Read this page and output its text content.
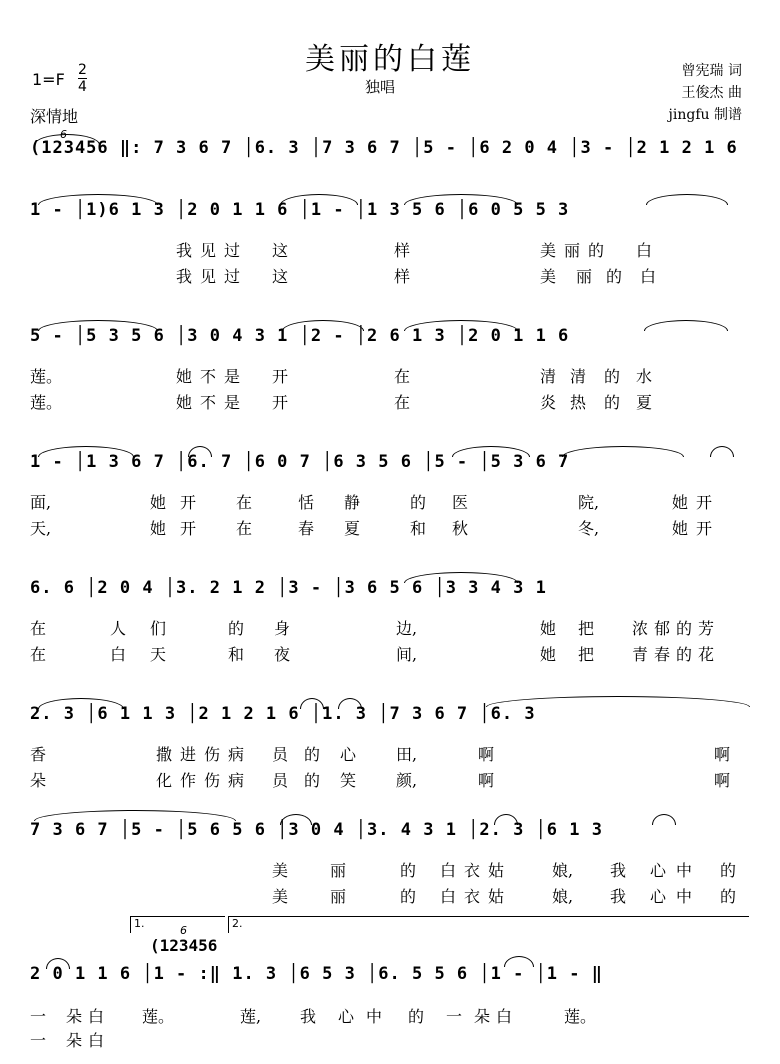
美丽的白莲
独唱
1=F 2
4
深情地
曾宪瑞 词
王俊杰 曲
jingfu 制谱
6
(123456 ‖: 7 3 6 7 │6. 3 │7 3 6 7 │5 - │6 2 0 4 │3 - │2 1 2 1 6
1 - │1)6 1 3 │2 0 1 1 6 │1 - │1 3 5 6 │6 0 5 5 3
我 见 过 这	样	美 丽 的 白
我 见 过 这	样	美 丽 的 白
5 - │5 3 5 6 │3 0 4 3 1 │2 - │2 6 1 3 │2 0 1 1 6
莲。	她 不 是 开	在	清 清 的 水
莲。	她 不 是 开	在	炎 热 的 夏
1 - │1 3 6 7 │6. 7 │6 0 7 │6 3 5 6 │5 - │5 3 6 7
面,	她 开 在	恬 静	的 医	院,	她 开
天,	她 开 在	春 夏	和 秋	冬,	她 开
6. 6 │2 0 4 │3. 2 1 2 │3 - │3 6 5 6 │3 3 4 3 1
在	人 们	的 身	边,	她 把 浓 郁 的 芳
在	白 天	和 夜	间,	她 把 青 春 的 花
2. 3 │6 1 1 3 │2 1 2 1 6 │1. 3 │7 3 6 7 │6. 3
香	撒 进 伤 病 员 的 心 田,	啊	啊
朵	化 作 伤 病 员 的 笑 颜,	啊	啊
7 3 6 7 │5 - │5 6 5 6 │3 0 4 │3. 4 3 1 │2. 3 │6 1 3
美	丽	的 白 衣 姑	娘, 我 心 中 的
美	丽	的 白 衣 姑	娘, 我 心 中 的
1.	2.
6
(123456
2 0 1 1 6 │1 - :‖ 1. 3 │6 5 3 │6. 5 5 6 │1 - │1 - ‖
一 朵 白 莲。	莲, 我 心 中 的 一 朵 白	莲。
一 朵 白
